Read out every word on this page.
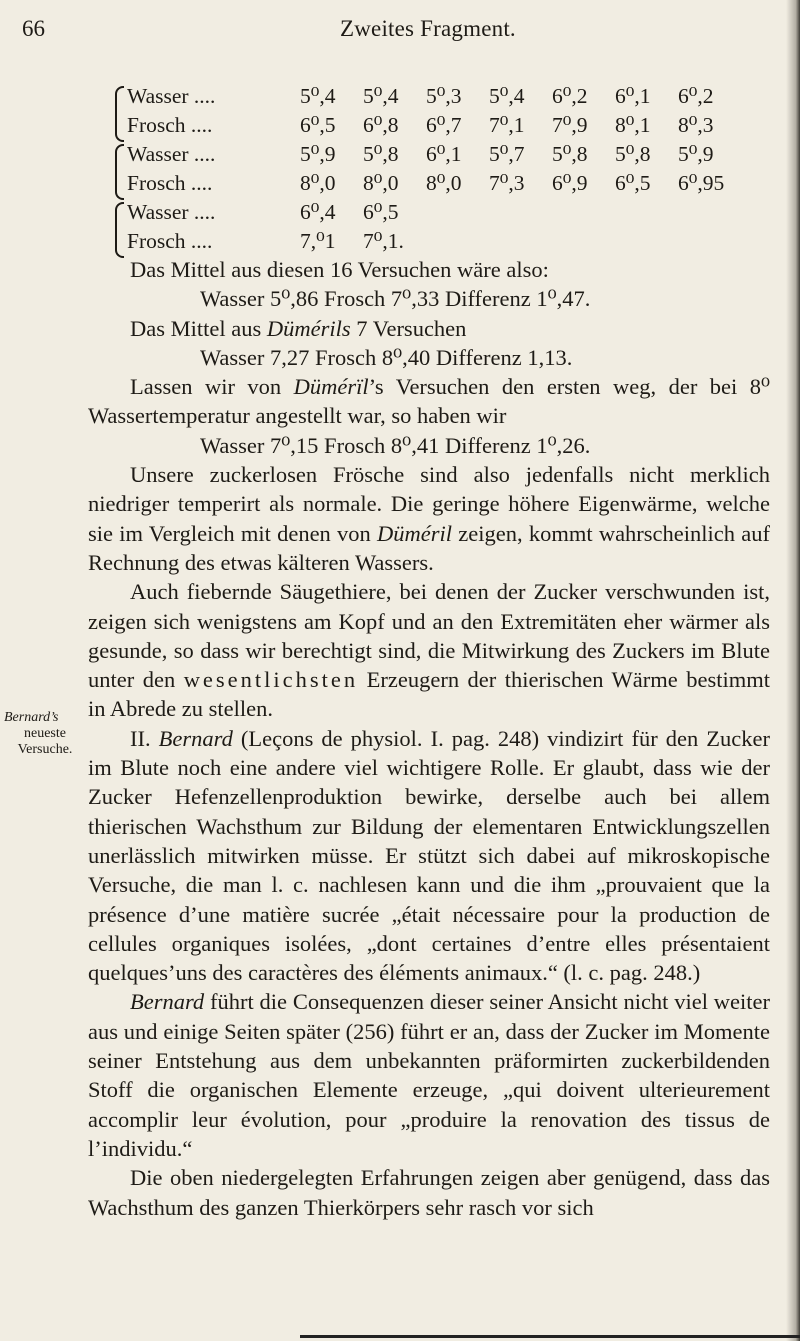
66	Zweites Fragment.
Wasser ....	5⁰,4	5⁰,4	5⁰,3	5⁰,4	6⁰,2	6⁰,1	6⁰,2
Frosch ....	6⁰,5	6⁰,8	6⁰,7	7⁰,1	7⁰,9	8⁰,1	8⁰,3
Wasser ....	5⁰,9	5⁰,8	6⁰,1	5⁰,7	5⁰,8	5⁰,8	5⁰,9
Frosch ....	8⁰,0	8⁰,0	8⁰,0	7⁰,3	6⁰,9	6⁰,5	6⁰,95
Wasser ....	6⁰,4	6⁰,5
Frosch ....	7,⁰1	7⁰,1.
Bernard’s
neueste
Versuche.

Das Mittel aus diesen 16 Versuchen wäre also:

Wasser 5⁰,86 Frosch 7⁰,33 Differenz 1⁰,47.

Das Mittel aus Dümérils 7 Versuchen

Wasser 7,27 Frosch 8⁰,40 Differenz 1,13.

Lassen wir von Dümérïl’s Versuchen den ersten weg, der bei 8⁰ Wassertemperatur angestellt war, so haben wir

Wasser 7⁰,15 Frosch 8⁰,41 Differenz 1⁰,26.

Unsere zuckerlosen Frösche sind also jedenfalls nicht merklich niedriger temperirt als normale. Die geringe höhere Eigenwärme, welche sie im Vergleich mit denen von Düméril zeigen, kommt wahrscheinlich auf Rechnung des etwas kälteren Wassers.

Auch fiebernde Säugethiere, bei denen der Zucker verschwunden ist, zeigen sich wenigstens am Kopf und an den Extremitäten eher wärmer als gesunde, so dass wir berechtigt sind, die Mitwirkung des Zuckers im Blute unter den wesentlichsten Erzeugern der thierischen Wärme bestimmt in Abrede zu stellen.

II. Bernard (Leçons de physiol. I. pag. 248) vindizirt für den Zucker im Blute noch eine andere viel wichtigere Rolle. Er glaubt, dass wie der Zucker Hefenzellenproduktion bewirke, derselbe auch bei allem thierischen Wachsthum zur Bildung der elementaren Entwicklungszellen unerlässlich mitwirken müsse. Er stützt sich dabei auf mikroskopische Versuche, die man l. c. nachlesen kann und die ihm „prouvaient que la présence d’une matière sucrée „était nécessaire pour la production de cellules organiques isolées, „dont certaines d’entre elles présentaient quelques’uns des caractères des éléments animaux.“ (l. c. pag. 248.)

Bernard führt die Consequenzen dieser seiner Ansicht nicht viel weiter aus und einige Seiten später (256) führt er an, dass der Zucker im Momente seiner Entstehung aus dem unbekannten präformirten zuckerbildenden Stoff die organischen Elemente erzeuge, „qui doivent ulterieurement accomplir leur évolution, pour „produire la renovation des tissus de l’individu.“

Die oben niedergelegten Erfahrungen zeigen aber genügend, dass das Wachsthum des ganzen Thierkörpers sehr rasch vor sich
